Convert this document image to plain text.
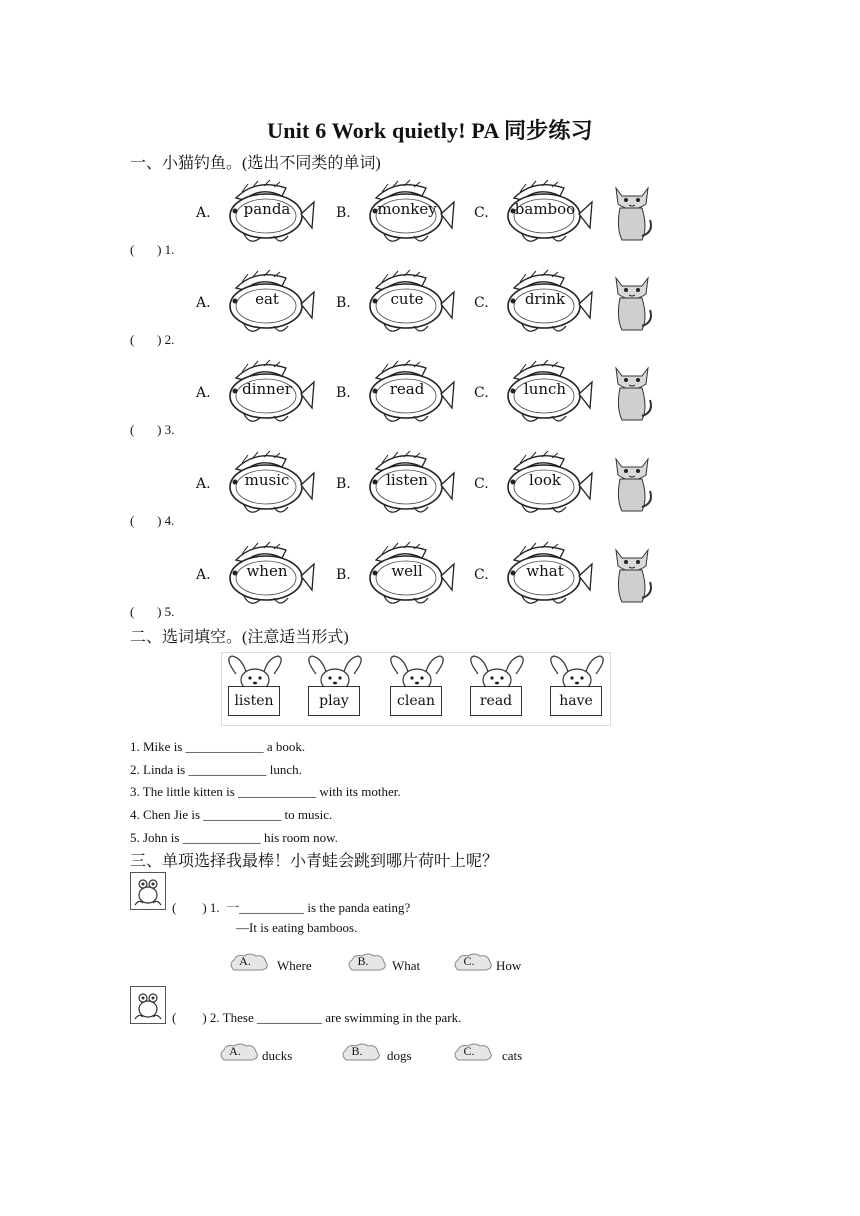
Unit 6 Work quietly! PA 同步练习
一、小猫钓鱼。(选出不同类的单词)
(       ) 1.
A.	panda	B. monkey	C. bamboo
(       ) 2.
A.	eat	B.	cute	C.	drink
(       ) 3.
A.	dinner	B.	read	C.	lunch
(       ) 4.
A.	music	B.	listen	C.	look
(       ) 5.
A.	when	B.	well	C.	what
二、选词填空。(注意适当形式)
listen	play	clean	read	have
1. Mike is ____________ a book.
2. Linda is ____________ lunch.
3. The little kitten is ____________ with its mother.
4. Chen Jie is ____________ to music.
5. John is ____________ his room now.
三、单项选择我最棒！小青蛙会跳到哪片荷叶上呢？
(        ) 1.  一__________ is the panda eating?
—It is eating bamboos.
A.	Where	B.	What	C.	How
(        ) 2. These __________ are swimming in the park.
A.	ducks	B.	dogs	C.	cats
